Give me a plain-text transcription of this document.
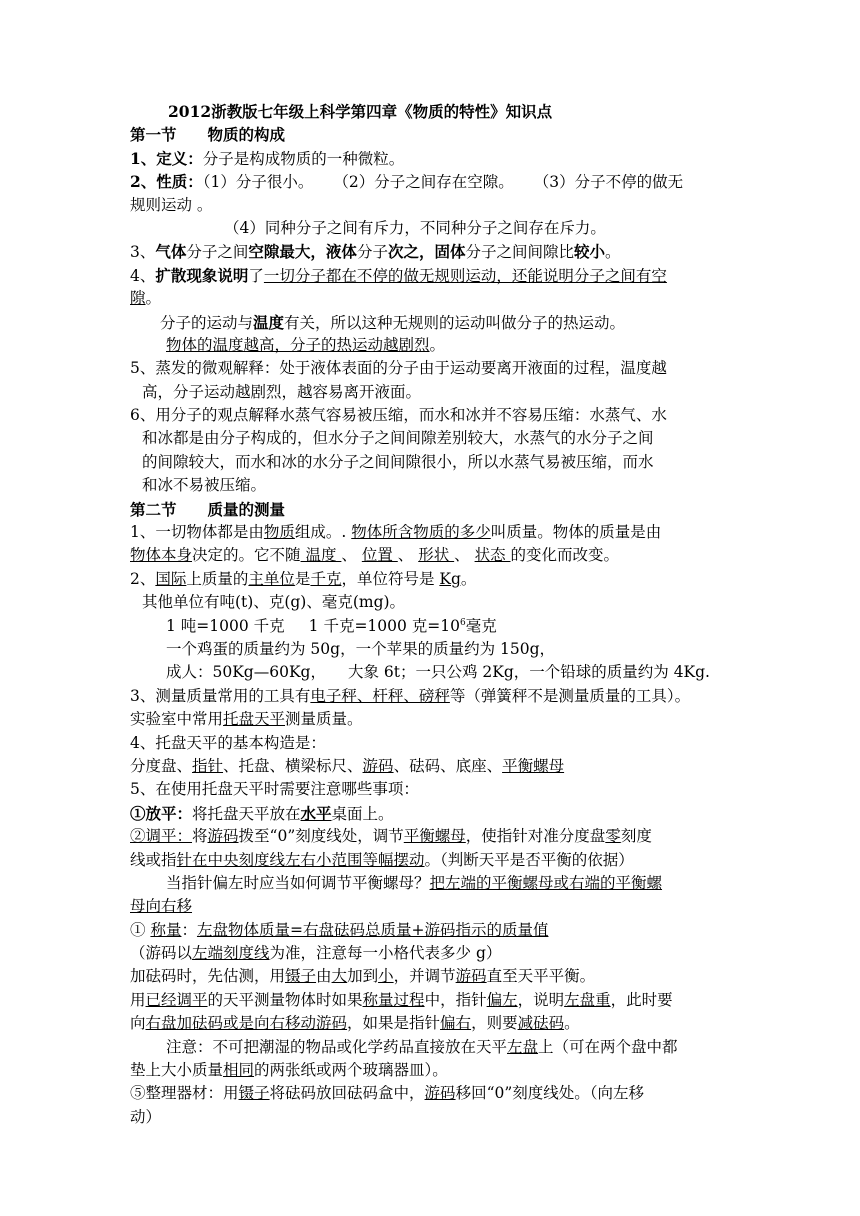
2012浙教版七年级上科学第四章《物质的特性》知识点
第一节　　物质的构成
1、定义：分子是构成物质的一种微粒。
2、性质：（1）分子很小。 （2）分子之间存在空隙。 （3）分子不停的做无
规则运动 。
（4）同种分子之间有斥力，不同种分子之间存在斥力。
3、气体分子之间空隙最大，液体分子次之，固体分子之间间隙比较小。
4、扩散现象说明了一切分子都在不停的做无规则运动，还能说明分子之间有空
隙。
分子的运动与温度有关，所以这种无规则的运动叫做分子的热运动。
物体的温度越高，分子的热运动越剧烈。
5、蒸发的微观解释：处于液体表面的分子由于运动要离开液面的过程，温度越
高，分子运动越剧烈，越容易离开液面。
6、用分子的观点解释水蒸气容易被压缩，而水和冰并不容易压缩：水蒸气、水
和冰都是由分子构成的，但水分子之间间隙差别较大，水蒸气的水分子之间
的间隙较大，而水和冰的水分子之间间隙很小，所以水蒸气易被压缩，而水
和冰不易被压缩。
第二节　　质量的测量
1、一切物体都是由物质组成。. 物体所含物质的多少叫质量。物体的质量是由
物体本身决定的。它不随 温度 、 位置 、 形状 、 状态 的变化而改变。
2、国际上质量的主单位是千克，单位符号是 Kg。
其他单位有吨(t)、克(g)、毫克(mg)。
1 吨=1000 千克 1 千克=1000 克$=10^6$毫克
一个鸡蛋的质量约为 50g，一个苹果的质量约为 150g，
成人：50Kg—60Kg， 大象 6t；一只公鸡 2Kg，一个铅球的质量约为 4Kg.
3、测量质量常用的工具有电子秤、杆秤、磅秤等（弹簧秤不是测量质量的工具）。
实验室中常用托盘天平测量质量。
4、托盘天平的基本构造是：
分度盘、指针、托盘、横梁标尺、游码、砝码、底座、平衡螺母
5、在使用托盘天平时需要注意哪些事项：
①放平：将托盘天平放在水平桌面上。
②调平：将游码拨至“0”刻度线处，调节平衡螺母，使指针对准分度盘零刻度
线或指针在中央刻度线左右小范围等幅摆动。（判断天平是否平衡的依据）
当指针偏左时应当如何调节平衡螺母？把左端的平衡螺母或右端的平衡螺
母向右移
① 称量：左盘物体质量=右盘砝码总质量+游码指示的质量值
（游码以左端刻度线为准，注意每一小格代表多少 g）
加砝码时，先估测，用镊子由大加到小，并调节游码直至天平平衡。
用已经调平的天平测量物体时如果称量过程中，指针偏左，说明左盘重，此时要
向右盘加砝码或是向右移动游码，如果是指针偏右，则要减砝码。
注意：不可把潮湿的物品或化学药品直接放在天平左盘上（可在两个盘中都
垫上大小质量相同的两张纸或两个玻璃器皿）。
⑤整理器材：用镊子将砝码放回砝码盒中，游码移回“0”刻度线处。（向左移
动）
